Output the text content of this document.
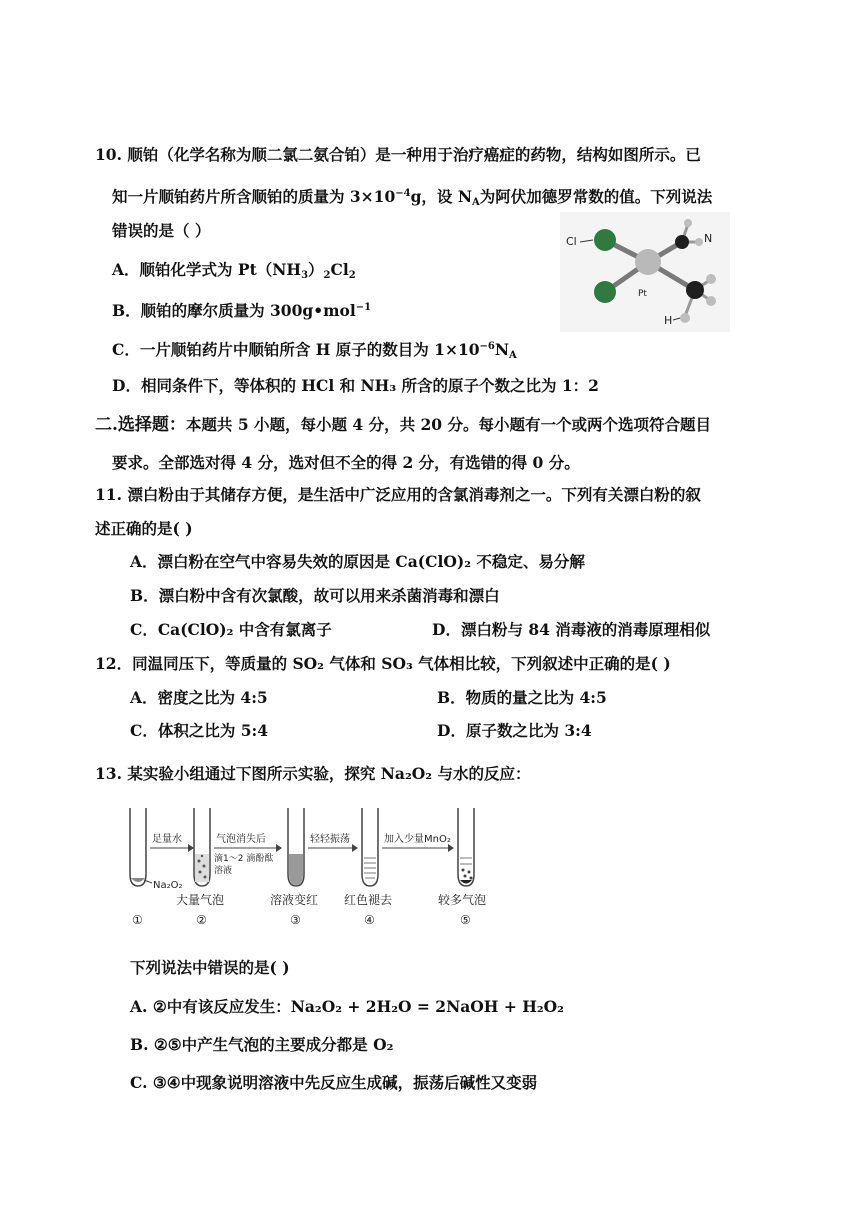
10. 顺铂（化学名称为顺二氯二氨合铂）是一种用于治疗癌症的药物，结构如图所示。已
知一片顺铂药片所含顺铂的质量为 $3\times 10^{-4}g$，设 $N_A$为阿伏加德罗常数的值。下列说法
错误的是（ ）
Cl	N
Pt
H
A．顺铂化学式为 $Pt(NH_3)_2Cl_2$
B．顺铂的摩尔质量为 300g•mol$^{-1}$
C．一片顺铂药片中顺铂所含 H 原子的数目为 $1\times 10^{-6}N_A$
D．相同条件下，等体积的 HCl 和 NH₃ 所含的原子个数之比为 1：2
二.选择题：本题共 5 小题，每小题 4 分，共 20 分。每小题有一个或两个选项符合题目
要求。全部选对得 4 分，选对但不全的得 2 分，有选错的得 0 分。
11. 漂白粉由于其储存方便，是生活中广泛应用的含氯消毒剂之一。下列有关漂白粉的叙
述正确的是( )
A．漂白粉在空气中容易失效的原因是 Ca(ClO)₂ 不稳定、易分解
B．漂白粉中含有次氯酸，故可以用来杀菌消毒和漂白
C．Ca(ClO)₂ 中含有氯离子	D．漂白粉与 84 消毒液的消毒原理相似
12．同温同压下，等质量的 SO₂ 气体和 SO₃ 气体相比较，下列叙述中正确的是( )
A．密度之比为 4:5	B．物质的量之比为 4:5
C．体积之比为 5:4	D．原子数之比为 3:4
13. 某实验小组通过下图所示实验，探究 Na₂O₂ 与水的反应：
Na₂O₂
足量水	气泡消失后
滴1～2 滴酚酞
溶液
轻轻振荡	加入少量MnO₂
大量气泡	溶液变红 红色褪去	较多气泡
①	②	③	④	⑤
下列说法中错误的是( )
A. ②中有该反应发生：Na₂O₂ + 2H₂O = 2NaOH + H₂O₂
B. ②⑤中产生气泡的主要成分都是 O₂
C. ③④中现象说明溶液中先反应生成碱，振荡后碱性又变弱
